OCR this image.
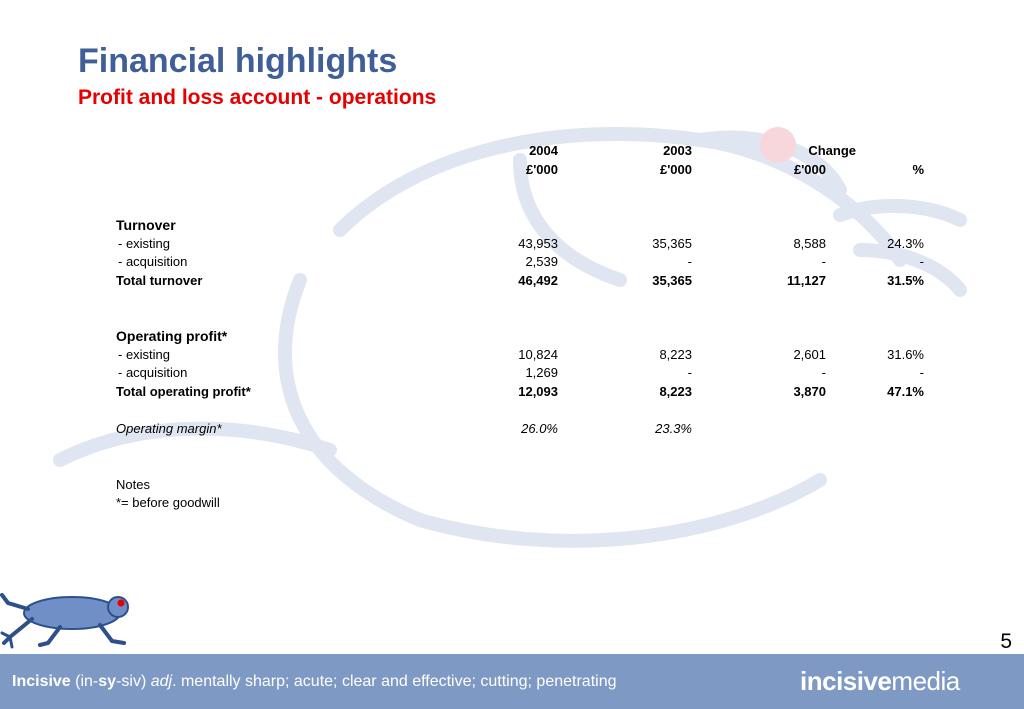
Financial highlights
Profit and loss account - operations
2004	2003	Change
£'000	£'000	£'000	%
Turnover
- existing	43,953	35,365	8,588	24.3%
- acquisition	2,539	-	-	-
Total turnover	46,492	35,365	11,127	31.5%
Operating profit*
- existing	10,824	8,223	2,601	31.6%
- acquisition	1,269	-	-	-
Total operating profit*	12,093	8,223	3,870	47.1%
Operating margin*	26.0%	23.3%
Notes
*= before goodwill
5
Incisive (in-sy-siv) adj. mentally sharp; acute; clear and effective; cutting; penetrating	incisivemedia
